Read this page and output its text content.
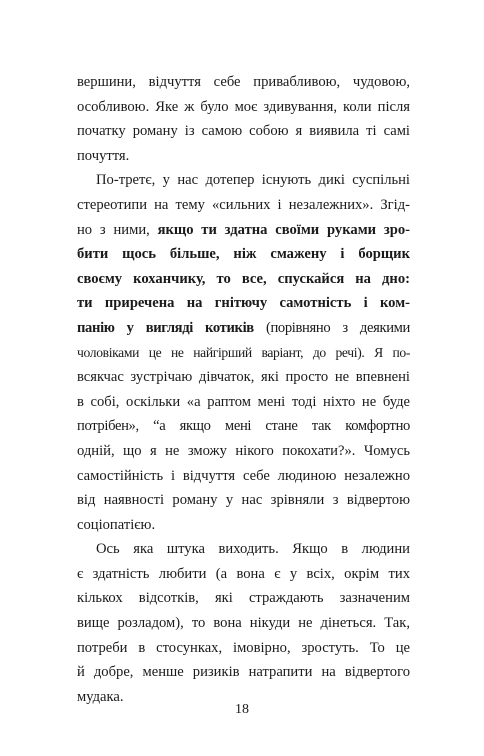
вершини, відчуття себе привабливою, чудовою,
особливою. Яке ж було моє здивування, коли після
початку роману із самою собою я виявила ті самі
почуття.
По-третє, у нас дотепер існують дикі суспільні
стереотипи на тему «сильних і незалежних». Згід-
но з ними, якщо ти здатна своїми руками зро-
бити щось більше, ніж смажену і борщик
своєму коханчику, то все, спускайся на дно:
ти приречена на гнітючу самотність і ком-
панію у вигляді котиків (порівняно з деякими
чоловіками це не найгірший варіант, до речі). Я по-
всякчас зустрічаю дівчаток, які просто не впевнені
в собі, оскільки «а раптом мені тоді ніхто не буде
потрібен», “а якщо мені стане так комфортно
одній, що я не зможу нікого покохати?». Чомусь
самостійність і відчуття себе людиною незалежно
від наявності роману у нас зрівняли з відвертою
соціопатією.
Ось яка штука виходить. Якщо в людини
є здатність любити (а вона є у всіх, окрім тих
кількох відсотків, які страждають зазначеним
вище розладом), то вона нікуди не дінеться. Так,
потреби в стосунках, імовірно, зростуть. То це
й добре, менше ризиків натрапити на відвертого
мудака.
18
